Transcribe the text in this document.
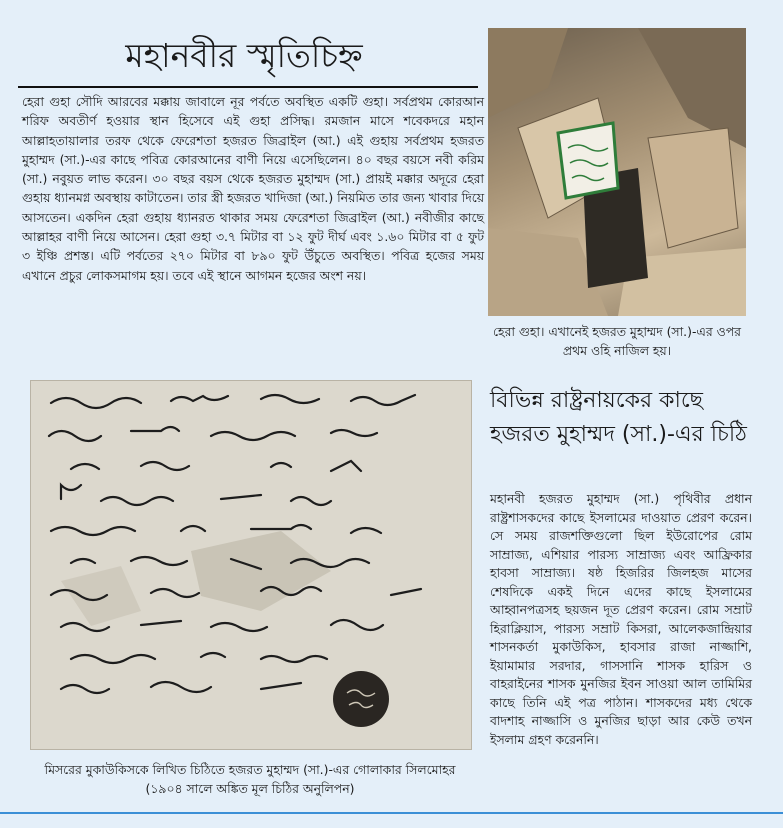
মহানবীর স্মৃতিচিহ্ন
হেরা গুহা সৌদি আরবের মক্কায় জাবালে নূর পর্বতে অবস্থিত একটি গুহা। সর্বপ্রথম কোরআন শরিফ অবতীর্ণ হওয়ার স্থান হিসেবে এই গুহা প্রসিদ্ধ। রমজান মাসে শবেকদরে মহান আল্লাহতায়ালার তরফ থেকে ফেরেশতা হজরত জিব্রাইল (আ.) এই গুহায় সর্বপ্রথম হজরত মুহাম্মদ (সা.)-এর কাছে পবিত্র কোরআনের বাণী নিয়ে এসেছিলেন। ৪০ বছর বয়সে নবী করিম (সা.) নবুয়ত লাভ করেন। ৩০ বছর বয়স থেকে হজরত মুহাম্মদ (সা.) প্রায়ই মক্কার অদূরে হেরা গুহায় ধ্যানমগ্ন অবস্থায় কাটাতেন। তার স্ত্রী হজরত খাদিজা (আ.) নিয়মিত তার জন্য খাবার দিয়ে আসতেন। একদিন হেরা গুহায় ধ্যানরত থাকার সময় ফেরেশতা জিব্রাইল (আ.) নবীজীর কাছে আল্লাহর বাণী নিয়ে আসেন। হেরা গুহা ৩.৭ মিটার বা ১২ ফুট দীর্ঘ এবং ১.৬০ মিটার বা ৫ ফুট ৩ ইঞ্চি প্রশস্ত। এটি পর্বতের ২৭০ মিটার বা ৮৯০ ফুট উঁচুতে অবস্থিত। পবিত্র হজের সময় এখানে প্রচুর লোকসমাগম হয়। তবে এই স্থানে আগমন হজের অংশ নয়।
হেরা গুহা। এখানেই হজরত মুহাম্মদ (সা.)-এর ওপর প্রথম ওহি নাজিল হয়।
মিসরের মুকাউকিসকে লিখিত চিঠিতে হজরত মুহাম্মদ (সা.)-এর গোলাকার সিলমোহর (১৯০৪ সালে অঙ্কিত মূল চিঠির অনুলিপন)
বিভিন্ন রাষ্ট্রনায়কের কাছে হজরত মুহাম্মদ (সা.)-এর চিঠি
মহানবী হজরত মুহাম্মদ (সা.) পৃথিবীর প্রধান রাষ্ট্রশাসকদের কাছে ইসলামের দাওয়াত প্রেরণ করেন। সে সময় রাজশক্তিগুলো ছিল ইউরোপের রোম সাম্রাজ্য, এশিয়ার পারস্য সাম্রাজ্য এবং আফ্রিকার হাবসা সাম্রাজ্য। ষষ্ঠ হিজরির জিলহজ মাসের শেষদিকে একই দিনে এদের কাছে ইসলামের আহ্বানপত্রসহ ছয়জন দূত প্রেরণ করেন। রোম সম্রাট হিরাক্লিয়াস, পারস্য সম্রাট কিসরা, আলেকজান্দ্রিয়ার শাসনকর্তা মুকাউকিস, হাবসার রাজা নাজ্জাশি, ইয়ামামার সরদার, গাসসানি শাসক হারিস ও বাহরাইনের শাসক মুনজির ইবন সাওয়া আল তামিমির কাছে তিনি এই পত্র পাঠান। শাসকদের মধ্য থেকে বাদশাহ নাজ্জাসি ও মুনজির ছাড়া আর কেউ তখন ইসলাম গ্রহণ করেননি।
